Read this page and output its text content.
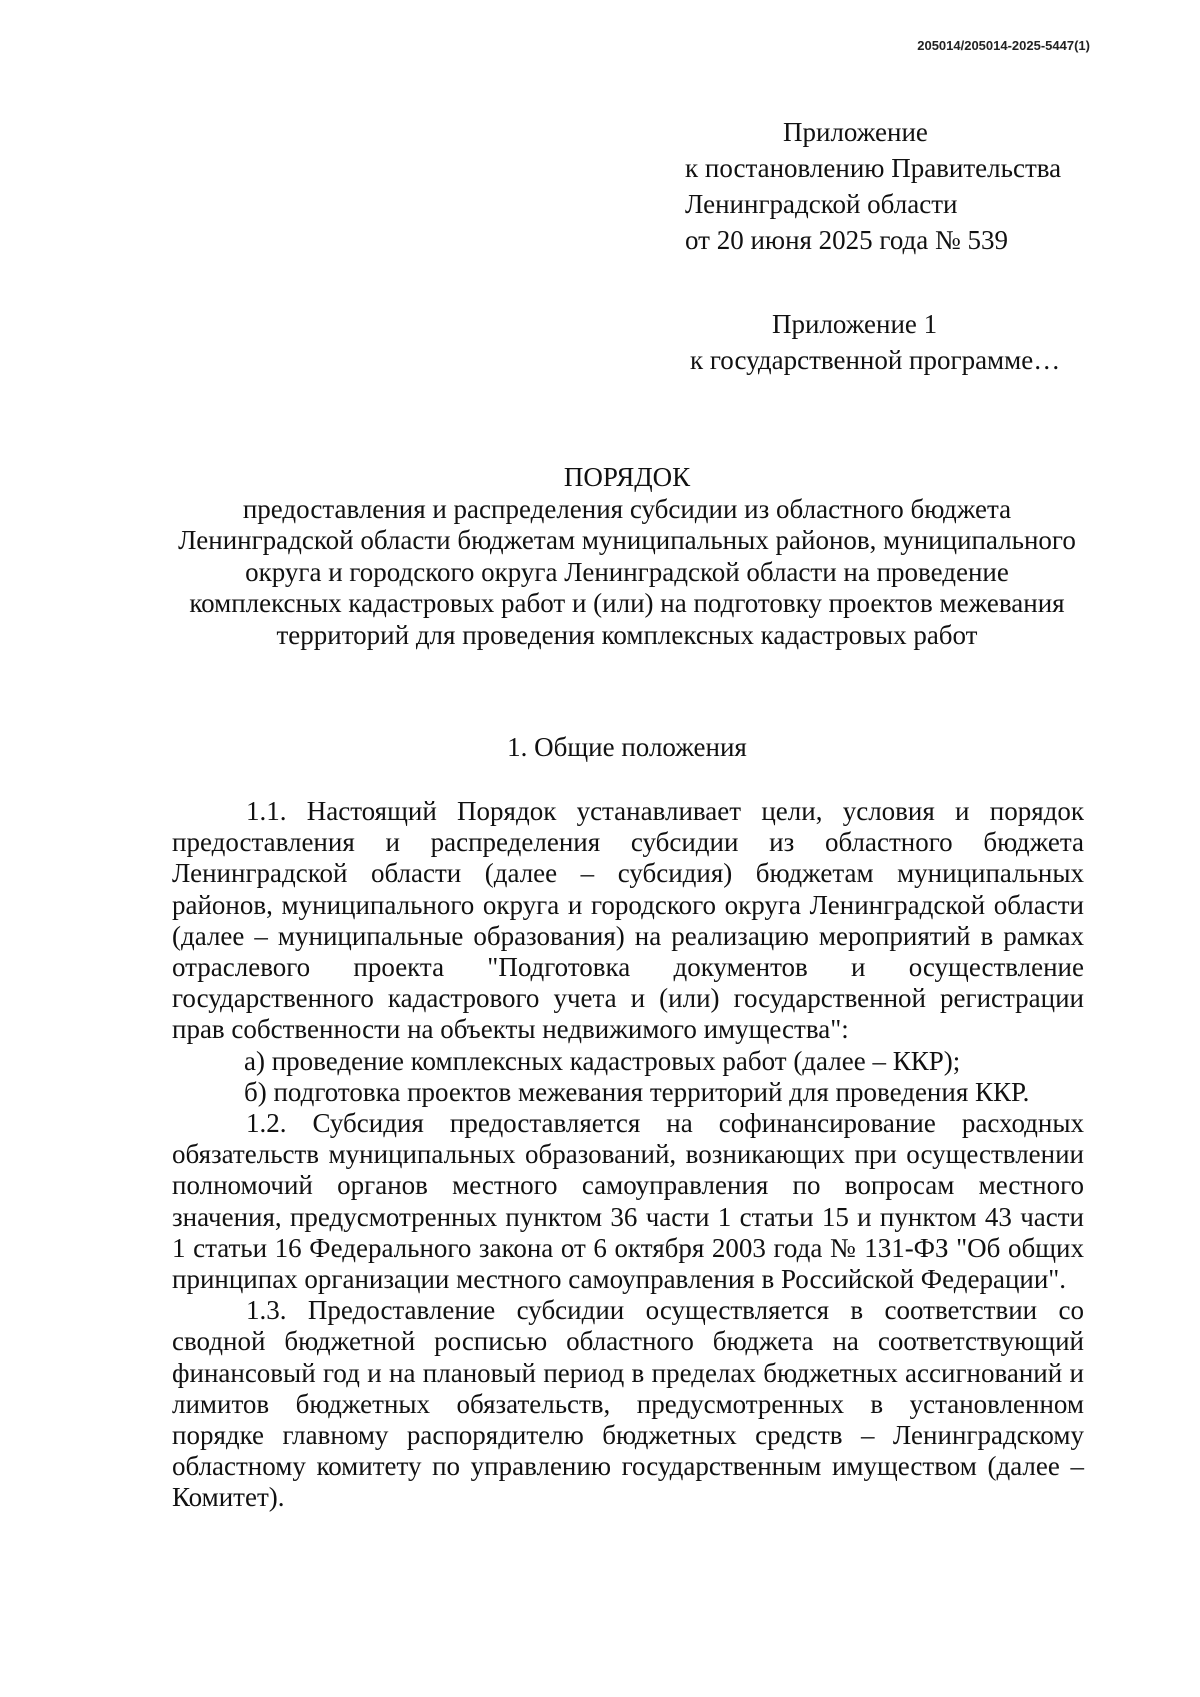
205014/205014-2025-5447(1)
Приложение
к постановлению Правительства
Ленинградской области
от 20 июня 2025 года № 539
Приложение 1
к государственной программе…
ПОРЯДОК
предоставления и распределения субсидии из областного бюджета Ленинградской области бюджетам муниципальных районов, муниципального округа и городского округа Ленинградской области на проведение комплексных кадастровых работ и (или) на подготовку проектов межевания территорий для проведения комплексных кадастровых работ
1. Общие положения

1.1. Настоящий Порядок устанавливает цели, условия и порядок предоставления и распределения субсидии из областного бюджета Ленинградской области (далее – субсидия) бюджетам муниципальных районов, муниципального округа и городского округа Ленинградской области (далее – муниципальные образования) на реализацию мероприятий в рамках отраслевого проекта "Подготовка документов и осуществление государственного кадастрового учета и (или) государственной регистрации прав собственности на объекты недвижимого имущества":

а) проведение комплексных кадастровых работ (далее – ККР);

б) подготовка проектов межевания территорий для проведения ККР.

1.2. Субсидия предоставляется на софинансирование расходных обязательств муниципальных образований, возникающих при осуществлении полномочий органов местного самоуправления по вопросам местного значения, предусмотренных пунктом 36 части 1 статьи 15 и пунктом 43 части 1 статьи 16 Федерального закона от 6 октября 2003 года № 131-ФЗ "Об общих принципах организации местного самоуправления в Российской Федерации".

1.3. Предоставление субсидии осуществляется в соответствии со сводной бюджетной росписью областного бюджета на соответствующий финансовый год и на плановый период в пределах бюджетных ассигнований и лимитов бюджетных обязательств, предусмотренных в установленном порядке главному распорядителю бюджетных средств – Ленинградскому областному комитету по управлению государственным имуществом (далее – Комитет).
